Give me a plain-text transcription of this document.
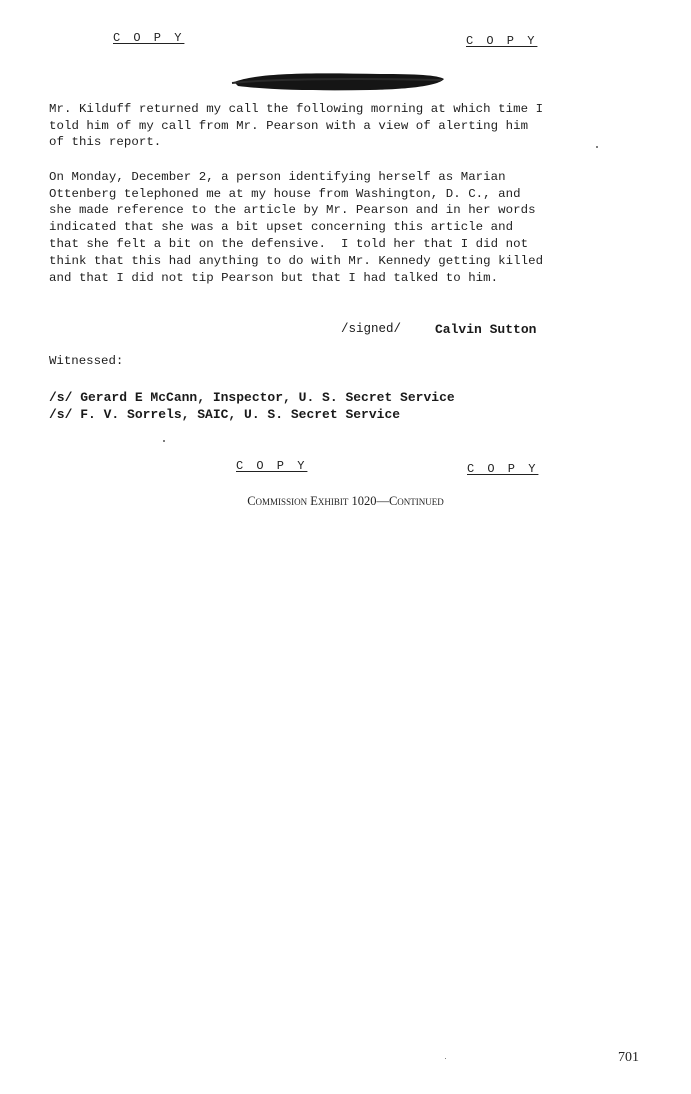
C O P Y	C O P Y
Mr. Kilduff returned my call the following morning at which time I
told him of my call from Mr. Pearson with a view of alerting him
of this report.
On Monday, December 2, a person identifying herself as Marian
Ottenberg telephoned me at my house from Washington, D. C., and
she made reference to the article by Mr. Pearson and in her words
indicated that she was a bit upset concerning this article and
that she felt a bit on the defensive.  I told her that I did not
think that this had anything to do with Mr. Kennedy getting killed
and that I did not tip Pearson but that I had talked to him.
/signed/	Calvin Sutton
Witnessed:
/s/ Gerard E McCann, Inspector, U. S. Secret Service
/s/ F. V. Sorrels, SAIC, U. S. Secret Service
C O P Y	C O P Y
Commission Exhibit 1020—Continued
701
